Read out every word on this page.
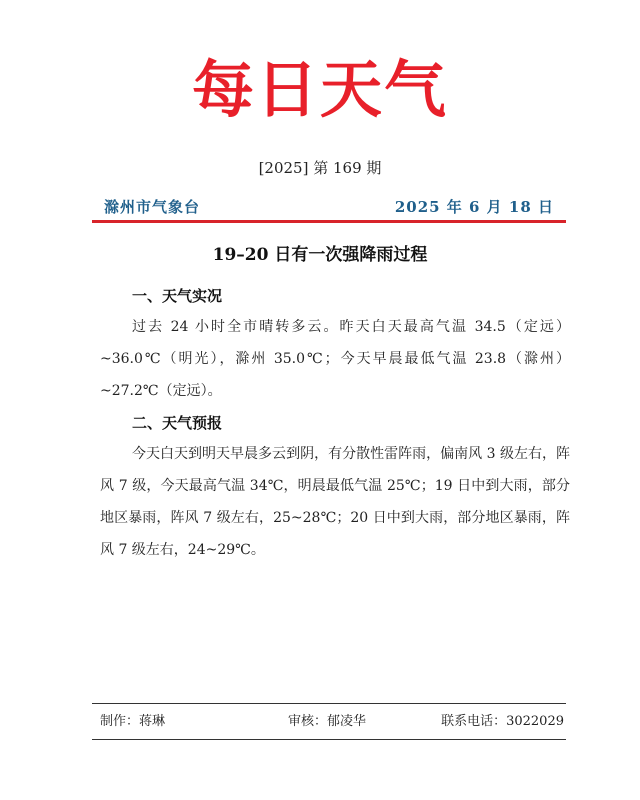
每日天气
[2025] 第 169 期
滁州市气象台	2025 年 6 月 18 日
19–20 日有一次强降雨过程
一、天气实况

过去 24 小时全市晴转多云。昨天白天最高气温 34.5（定远）~36.0℃（明光），滁州 35.0℃；今天早晨最低气温 23.8（滁州）~27.2℃（定远）。

二、天气预报

今天白天到明天早晨多云到阴，有分散性雷阵雨，偏南风 3 级左右，阵风 7 级，今天最高气温 34℃，明晨最低气温 25℃；19 日中到大雨，部分地区暴雨，阵风 7 级左右，25~28℃；20 日中到大雨，部分地区暴雨，阵风 7 级左右，24~29℃。

制作：蒋琳	审核：郁凌华	联系电话：3022029
